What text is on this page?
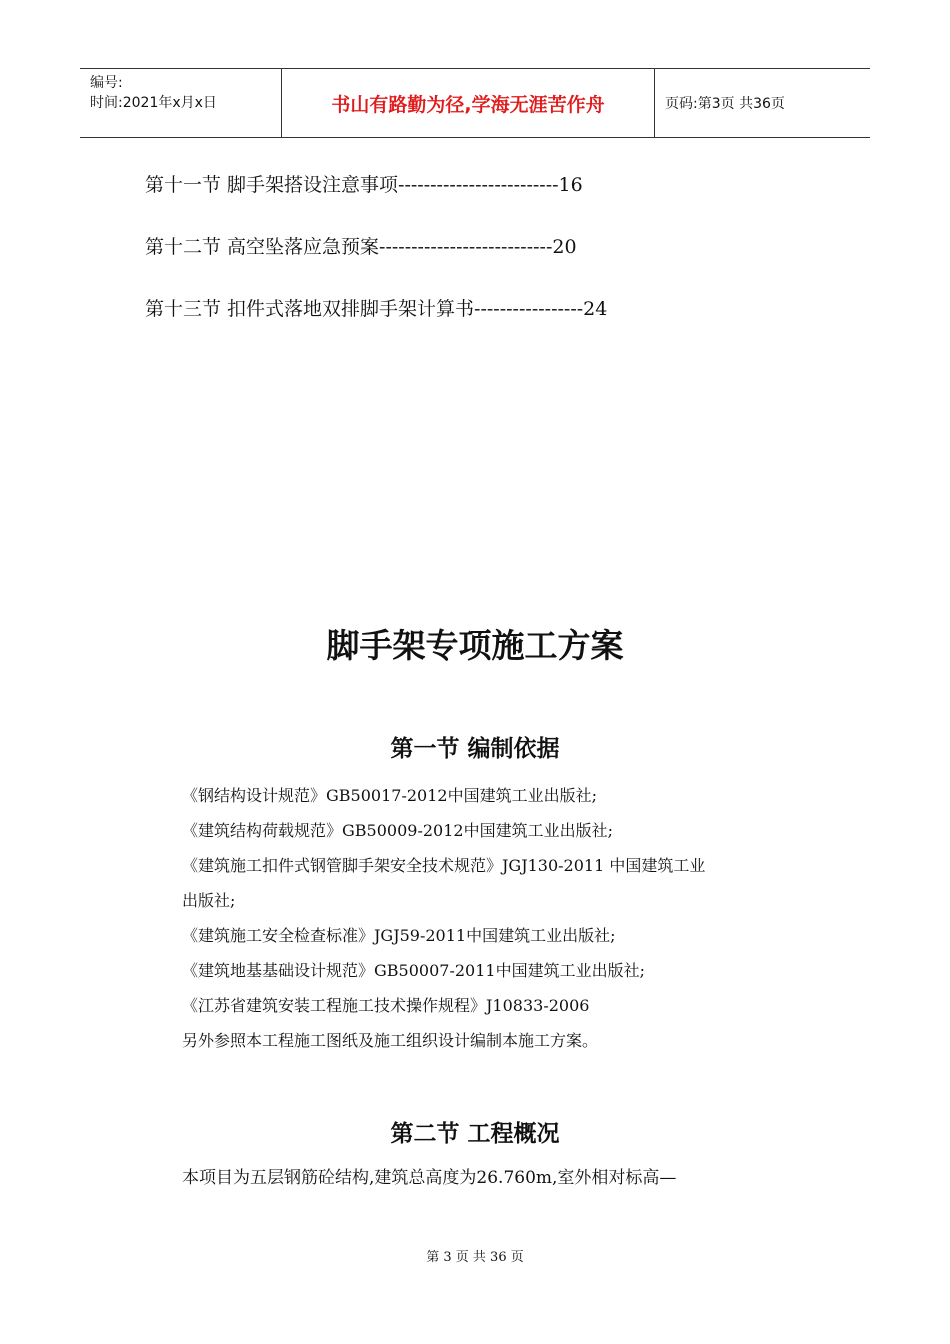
编号:
时间:2021年x月x日	书山有路勤为径,学海无涯苦作舟	页码:第3页 共36页
第十一节 脚手架搭设注意事项-------------------------16
第十二节 高空坠落应急预案---------------------------20
第十三节 扣件式落地双排脚手架计算书-----------------24
脚手架专项施工方案
第一节 编制依据
《钢结构设计规范》GB50017-2012中国建筑工业出版社;
《建筑结构荷载规范》GB50009-2012中国建筑工业出版社;
《建筑施工扣件式钢管脚手架安全技术规范》JGJ130-2011 中国建筑工业
出版社;
《建筑施工安全检查标准》JGJ59-2011中国建筑工业出版社;
《建筑地基基础设计规范》GB50007-2011中国建筑工业出版社;
《江苏省建筑安装工程施工技术操作规程》J10833-2006
另外参照本工程施工图纸及施工组织设计编制本施工方案。
第二节 工程概况
本项目为五层钢筋砼结构,建筑总高度为26.760m,室外相对标高—
第 3 页 共 36 页
